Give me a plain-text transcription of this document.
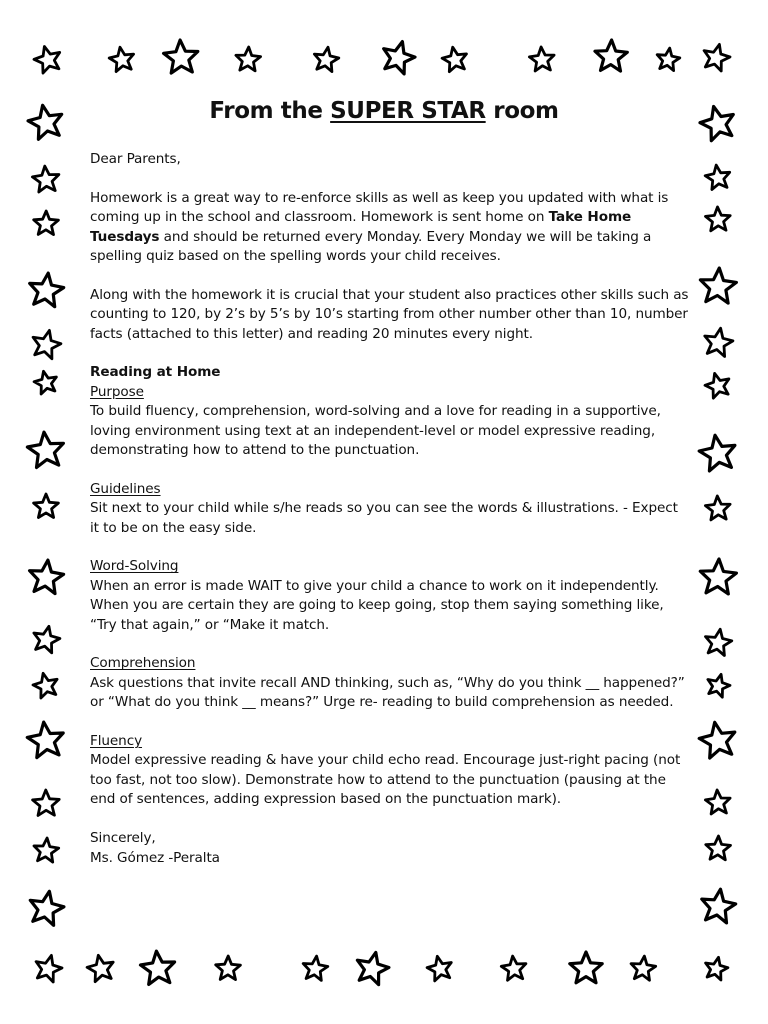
From the SUPER STAR room

Dear Parents,

Homework is a great way to re-enforce skills as well as keep you updated with what is coming up in the school and classroom. Homework is sent home on Take Home Tuesdays and should be returned every Monday. Every Monday we will be taking a spelling quiz based on the spelling words your child receives.

Along with the homework it is crucial that your student also practices other skills such as counting to 120, by 2’s by 5’s by 10’s starting from other number other than 10, number facts (attached to this letter) and reading 20 minutes every night.

Reading at Home

Purpose

To build fluency, comprehension, word-solving and a love for reading in a supportive, loving environment using text at an independent-level or model expressive reading, demonstrating how to attend to the punctuation.

Guidelines

Sit next to your child while s/he reads so you can see the words & illustrations. - Expect it to be on the easy side.

Word-Solving

When an error is made WAIT to give your child a chance to work on it independently. When you are certain they are going to keep going, stop them saying something like, “Try that again,” or “Make it match.

Comprehension

Ask questions that invite recall AND thinking, such as, “Why do you think __ happened?” or “What do you think __ means?” Urge re- reading to build comprehension as needed.

Fluency

Model expressive reading & have your child echo read. Encourage just-right pacing (not too fast, not too slow). Demonstrate how to attend to the punctuation (pausing at the end of sentences, adding expression based on the punctuation mark).

Sincerely,

Ms. Gómez -Peralta
